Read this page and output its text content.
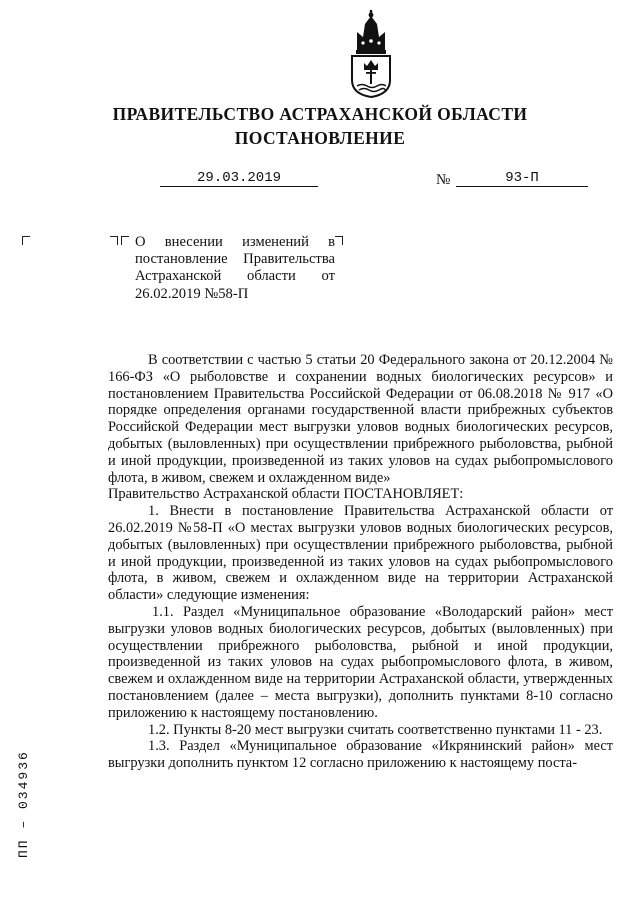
ПРАВИТЕЛЬСТВО АСТРАХАНСКОЙ ОБЛАСТИ
ПОСТАНОВЛЕНИЕ
29.03.2019	№	93-П
О внесении изменений в постановление Правительства Астраханской области от 26.02.2019 №58-П

В соответствии с частью 5 статьи 20 Федерального закона от 20.12.2004 № 166-ФЗ «О рыболовстве и сохранении водных биологических ресурсов» и постановлением Правительства Российской Федерации от 06.08.2018 № 917 «О порядке определения органами государственной власти прибрежных субъектов Российской Федерации мест выгрузки уловов водных биологических ресурсов, добытых (выловленных) при осуществлении прибрежного рыболовства, рыбной и иной продукции, произведенной из таких уловов на судах рыбопромыслового флота, в живом, свежем и охлажденном виде»

Правительство Астраханской области ПОСТАНОВЛЯЕТ:

1. Внести в постановление Правительства Астраханской области от 26.02.2019 №58-П «О местах выгрузки уловов водных биологических ресурсов, добытых (выловленных) при осуществлении прибрежного рыболовства, рыбной и иной продукции, произведенной из таких уловов на судах рыбопромыслового флота, в живом, свежем и охлажденном виде на территории Астраханской области» следующие изменения:

1.1. Раздел «Муниципальное образование «Володарский район» мест выгрузки уловов водных биологических ресурсов, добытых (выловленных) при осуществлении прибрежного рыболовства, рыбной и иной продукции, произведенной из таких уловов на судах рыбопромыслового флота, в живом, свежем и охлажденном виде на территории Астраханской области, утвержденных постановлением (далее – места выгрузки), дополнить пунктами 8-10 согласно приложению к настоящему постановлению.

1.2. Пункты 8-20 мест выгрузки считать соответственно пунктами 11 - 23.

1.3. Раздел «Муниципальное образование «Икрянинский район» мест выгрузки дополнить пунктом 12 согласно приложению к настоящему поста-

ПП – 034936
